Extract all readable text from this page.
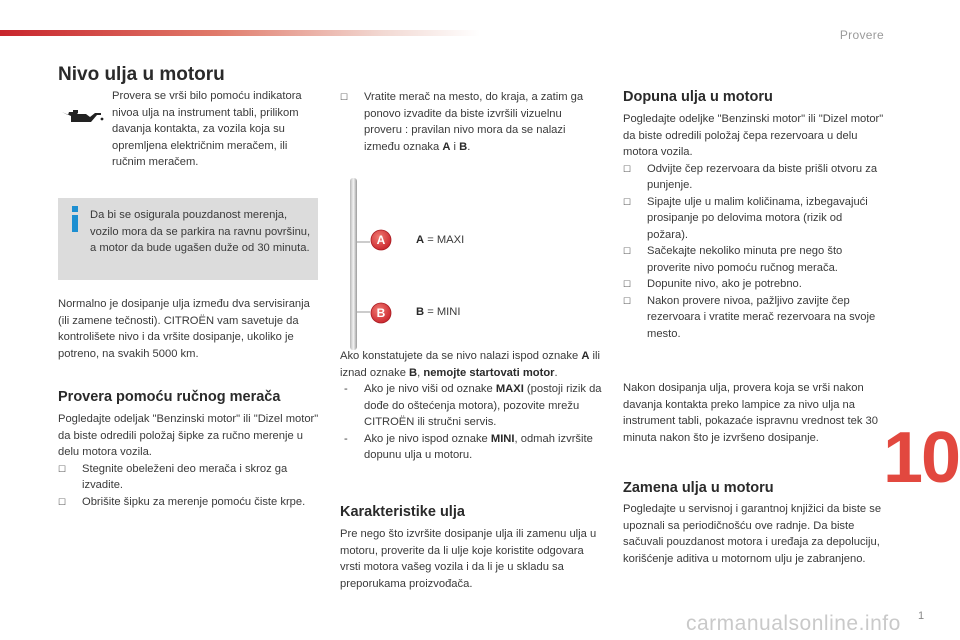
Provere
Nivo ulja u motoru

Provera se vrši bilo pomoću indikatora nivoa ulja na instrument tabli, prilikom davanja kontakta, za vozila koja su opremljena električnim meračem, ili ručnim meračem.

Da bi se osigurala pouzdanost merenja, vozilo mora da se parkira na ravnu površinu, a motor da bude ugašen duže od 30 minuta.

Normalno je dosipanje ulja između dva servisiranja (ili zamene tečnosti). CITROËN vam savetuje da kontrolišete nivo i da vršite dosipanje, ukoliko je potreno, na svakih 5000 km.

Provera pomoću ručnog merača
Pogledajte odeljak "Benzinski motor" ili "Dizel motor" da biste odredili položaj šipke za ručno merenje u delu motora vozila.
☐ Stegnite obeleženi deo merača i skroz ga izvadite.
☐ Obrišite šipku za merenje pomoću čiste krpe.
☐ Vratite merač na mesto, do kraja, a zatim ga ponovo izvadite da biste izvršili vizuelnu proveru : pravilan nivo mora da se nalazi između oznaka A i B.
A
B

A = MAXI

B = MINI

Ako konstatujete da se nivo nalazi ispod oznake A ili iznad oznake B, nemojte startovati motor.
- Ako je nivo viši od oznake MAXI (postoji rizik da dođe do oštećenja motora), pozovite mrežu CITROËN ili stručni servis.
- Ako je nivo ispod oznake MINI, odmah izvršite dopunu ulja u motoru.
Karakteristike ulja

Pre nego što izvršite dosipanje ulja ili zamenu ulja u motoru, proverite da li ulje koje koristite odgovara vrsti motora vašeg vozila i da li je u skladu sa preporukama proizvođača.

Dopuna ulja u motoru
Pogledajte odeljke "Benzinski motor" ili "Dizel motor" da biste odredili položaj čepa rezervoara u delu motora vozila.
☐ Odvijte čep rezervoara da biste prišli otvoru za punjenje.
☐ Sipajte ulje u malim količinama, izbegavajući prosipanje po delovima motora (rizik od požara).
☐ Sačekajte nekoliko minuta pre nego što proverite nivo pomoću ručnog merača.
☐ Dopunite nivo, ako je potrebno.
☐ Nakon provere nivoa, pažljivo zavijte čep rezervoara i vratite merač rezervoara na svoje mesto.

Nakon dosipanja ulja, provera koja se vrši nakon davanja kontakta preko lampice za nivo ulja na instrument tabli, pokazaće ispravnu vrednost tek 30 minuta nakon što je izvršeno dosipanje.

Zamena ulja u motoru

Pogledajte u servisnoj i garantnoj knjižici da biste se upoznali sa periodičnošću ove radnje. Da biste sačuvali pouzdanost motora i uređaja za depoluciju, korišćenje aditiva u motornom ulju je zabranjeno.

10
carmanualsonline.info 1
